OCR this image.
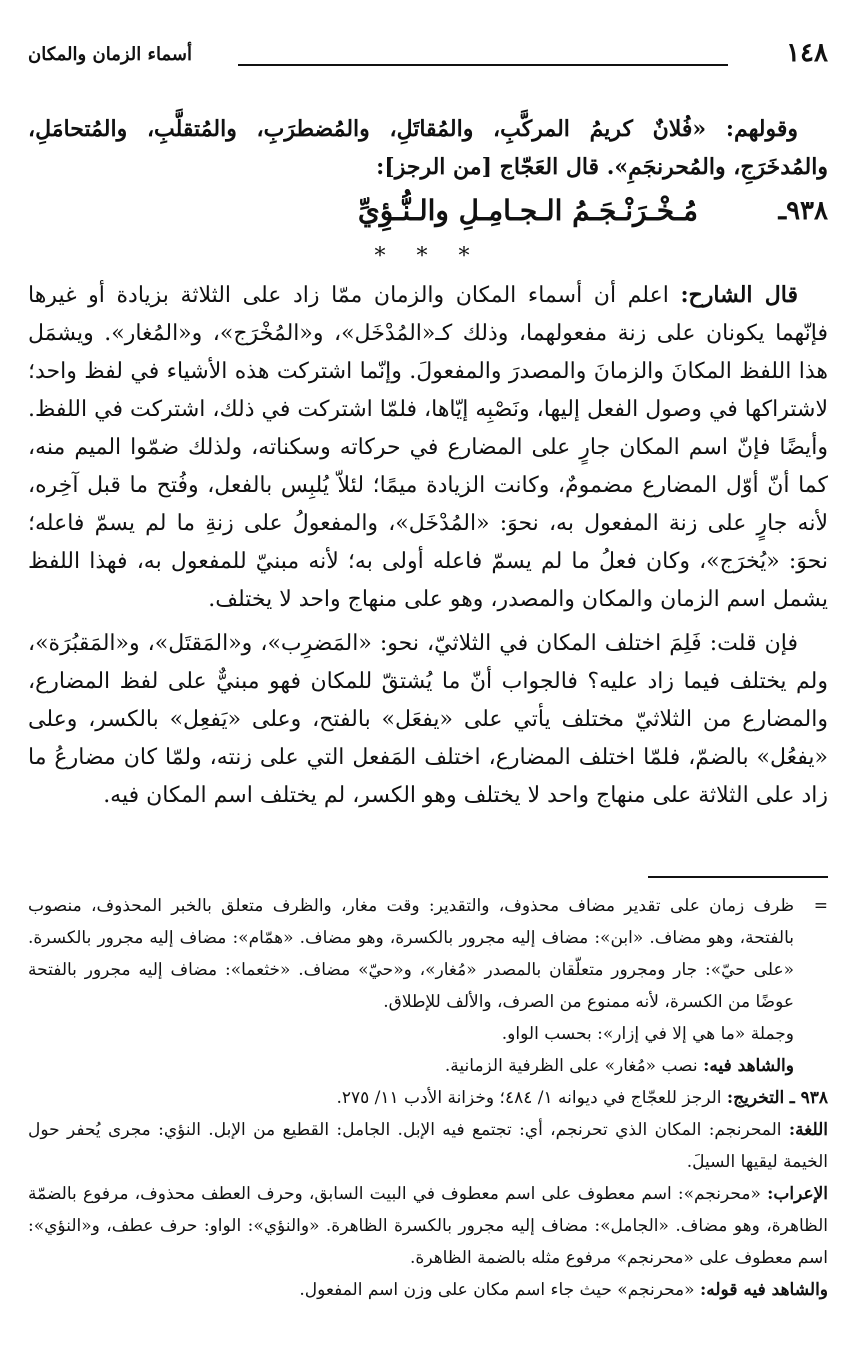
١٤٨
أسماء الزمان والمكان

وقولهم: «فُلانٌ كريمُ المركَّبِ، والمُقاتَلِ، والمُضطرَبِ، والمُتقلَّبِ، والمُتحامَلِ، والمُدخَرَجِ، والمُحرنجَمِ». قال العَجّاج [من الرجز]:

٩٣٨ـ
مُـخْـرَنْـجَـمُ الـجـامِـلِ والـنُّـؤِيِّ
* * *

قال الشارح: اعلم أن أسماء المكان والزمان ممّا زاد على الثلاثة بزيادة أو غيرها فإنّهما يكونان على زنة مفعولهما، وذلك كـ«المُدْخَل»، و«المُخْرَج»، و«المُغار». ويشمَل هذا اللفظ المكانَ والزمانَ والمصدرَ والمفعولَ. وإنّما اشتركت هذه الأشياء في لفظ واحد؛ لاشتراكها في وصول الفعل إليها، ونَصْبِه إيّاها، فلمّا اشتركت في ذلك، اشتركت في اللفظ. وأيضًا فإنّ اسم المكان جارٍ على المضارع في حركاته وسكناته، ولذلك ضمّوا الميم منه، كما أنّ أوّل المضارع مضمومٌ، وكانت الزيادة ميمًا؛ لئلاّ يُلبِس بالفعل، وفُتح ما قبل آخِره، لأنه جارٍ على زنة المفعول به، نحوَ: «المُدْخَل»، والمفعولُ على زنةِ ما لم يسمّ فاعله؛ نحوَ: «يُخرَج»، وكان فعلُ ما لم يسمّ فاعله أولى به؛ لأنه مبنيّ للمفعول به، فهذا اللفظ يشمل اسم الزمان والمكان والمصدر، وهو على منهاج واحد لا يختلف.

فإن قلت: فَلِمَ اختلف المكان في الثلاثيّ، نحو: «المَضرِب»، و«المَقتَل»، و«المَقبُرَة»، ولم يختلف فيما زاد عليه؟ فالجواب أنّ ما يُشتقّ للمكان فهو مبنيٌّ على لفظ المضارع، والمضارع من الثلاثيّ مختلف يأتي على «يفعَل» بالفتح، وعلى «يَفعِل» بالكسر، وعلى «يفعُل» بالضمّ، فلمّا اختلف المضارع، اختلف المَفعل التي على زنته، ولمّا كان مضارعُ ما زاد على الثلاثة على منهاج واحد لا يختلف وهو الكسر، لم يختلف اسم المكان فيه.

=
ظرف زمان على تقدير مضاف محذوف، والتقدير: وقت مغار، والظرف متعلق بالخبر المحذوف، منصوب بالفتحة، وهو مضاف. «ابن»: مضاف إليه مجرور بالكسرة، وهو مضاف. «همّام»: مضاف إليه مجرور بالكسرة. «على حيّ»: جار ومجرور متعلّقان بالمصدر «مُغار»، و«حيّ» مضاف. «خثعما»: مضاف إليه مجرور بالفتحة عوضًا من الكسرة، لأنه ممنوع من الصرف، والألف للإطلاق.

وجملة «ما هي إلا في إزار»: بحسب الواو.

والشاهد فيه: نصب «مُغار» على الظرفية الزمانية.

٩٣٨ ـ التخريج: الرجز للعجّاج في ديوانه ١/ ٤٨٤؛ وخزانة الأدب ١١/ ٢٧٥.

اللغة: المحرنجم: المكان الذي تحرنجم، أي: تجتمع فيه الإبل. الجامل: القطيع من الإبل. النؤي: مجرى يُحفر حول الخيمة ليقيها السيلَ.

الإعراب: «محرنجم»: اسم معطوف على اسم معطوف في البيت السابق، وحرف العطف محذوف، مرفوع بالضمّة الظاهرة، وهو مضاف. «الجامل»: مضاف إليه مجرور بالكسرة الظاهرة. «والنؤي»: الواو: حرف عطف، و«النؤي»: اسم معطوف على «محرنجم» مرفوع مثله بالضمة الظاهرة.

والشاهد فيه قوله: «محرنجم» حيث جاء اسم مكان على وزن اسم المفعول.
